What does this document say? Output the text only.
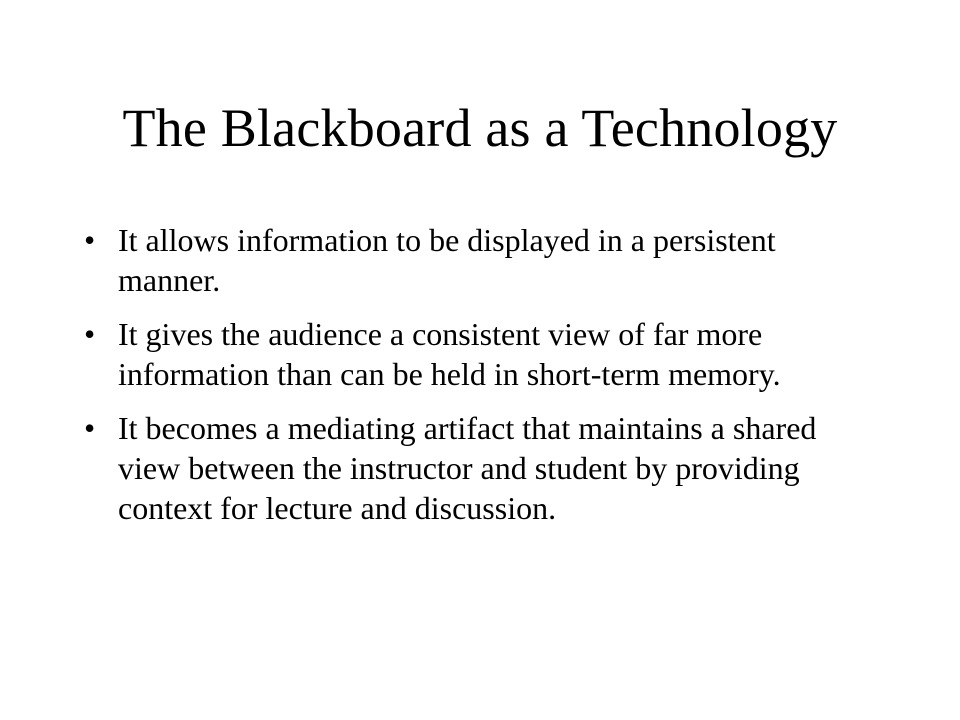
The Blackboard as a Technology
• It allows information to be displayed in a persistent manner.
• It gives the audience a consistent view of far more information than can be held in short-term memory.
• It becomes a mediating artifact that maintains a shared view between the instructor and student by providing context for lecture and discussion.
